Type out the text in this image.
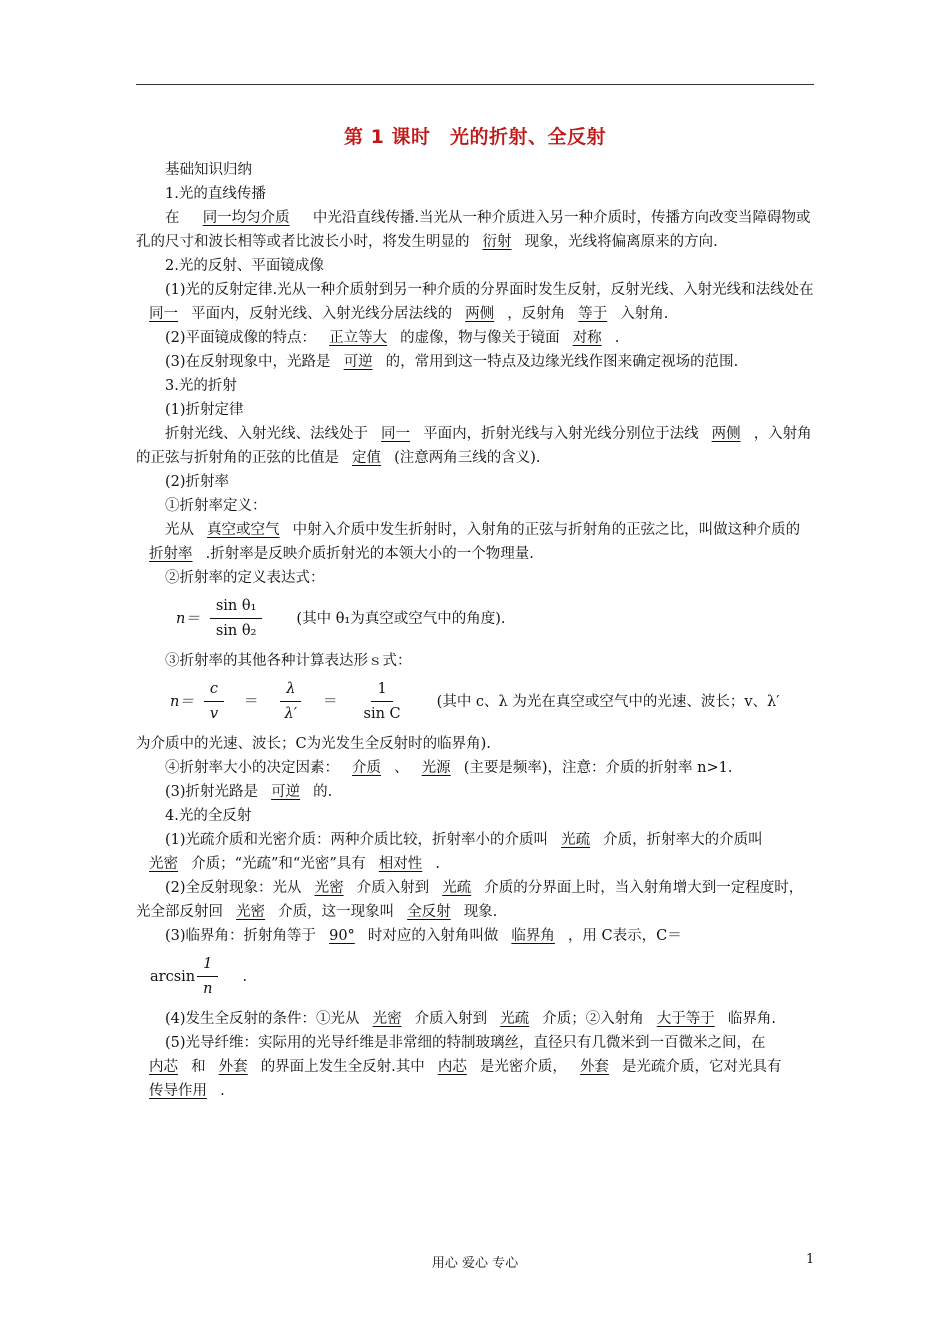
第 1 课时　光的折射、全反射

基础知识归纳

1.光的直线传播

在 同一均匀介质 中光沿直线传播.当光从一种介质进入另一种介质时，传播方向改变当障碍物或孔的尺寸和波长相等或者比波长小时，将发生明显的 衍射 现象，光线将偏离原来的方向.

2.光的反射、平面镜成像

(1)光的反射定律.光从一种介质射到另一种介质的分界面时发生反射，反射光线、入射光线和法线处在同一 平面内，反射光线、入射光线分居法线的 两侧 ，反射角 等于 入射角.

(2)平面镜成像的特点： 正立等大 的虚像，物与像关于镜面 对称 .

(3)在反射现象中，光路是 可逆 的，常用到这一特点及边缘光线作图来确定视场的范围.

3.光的折射

(1)折射定律

折射光线、入射光线、法线处于 同一 平面内，折射光线与入射光线分别位于法线 两侧 ，入射角的正弦与折射角的正弦的比值是 定值 (注意两角三线的含义).

(2)折射率

①折射率定义：

光从 真空或空气 中射入介质中发生折射时，入射角的正弦与折射角的正弦之比，叫做这种介质的折射率 .折射率是反映介质折射光的本领大小的一个物理量.

②折射率的定义表达式：

$n= \frac{\text{sin θ₁}}{\text{sin θ₂}}$ (其中 θ₁为真空或空气中的角度).

③折射率的其他各种计算表达形ｓ式：

$n= \frac{c}{v} = \frac{\lambda}{\lambda'} = \frac{1}{\text{sin C}}$ (其中 c、λ 为光在真空或空气中的光速、波长；v、λ′

为介质中的光速、波长；C为光发生全反射时的临界角).

④折射率大小的决定因素： 介质 、 光源 (主要是频率)，注意：介质的折射率 n>1.

(3)折射光路是 可逆 的.

4.光的全反射

(1)光疏介质和光密介质：两种介质比较，折射率小的介质叫 光疏 介质，折射率大的介质叫光密 介质；“光疏”和“光密”具有 相对性 .

(2)全反射现象：光从 光密 介质入射到 光疏 介质的分界面上时，当入射角增大到一定程度时，光全部反射回 光密 介质，这一现象叫 全反射 现象.

(3)临界角：折射角等于 90° 时对应的入射角叫做 临界角 ，用 C表示，C＝

$\arcsin \frac{1}{n}$ .

(4)发生全反射的条件：①光从 光密 介质入射到 光疏 介质；②入射角 大于等于 临界角.

(5)光导纤维：实际用的光导纤维是非常细的特制玻璃丝，直径只有几微米到一百微米之间，在内芯 和 外套 的界面上发生全反射.其中 内芯 是光密介质， 外套 是光疏介质，它对光具有传导作用 .

用心 爱心 专心	1
